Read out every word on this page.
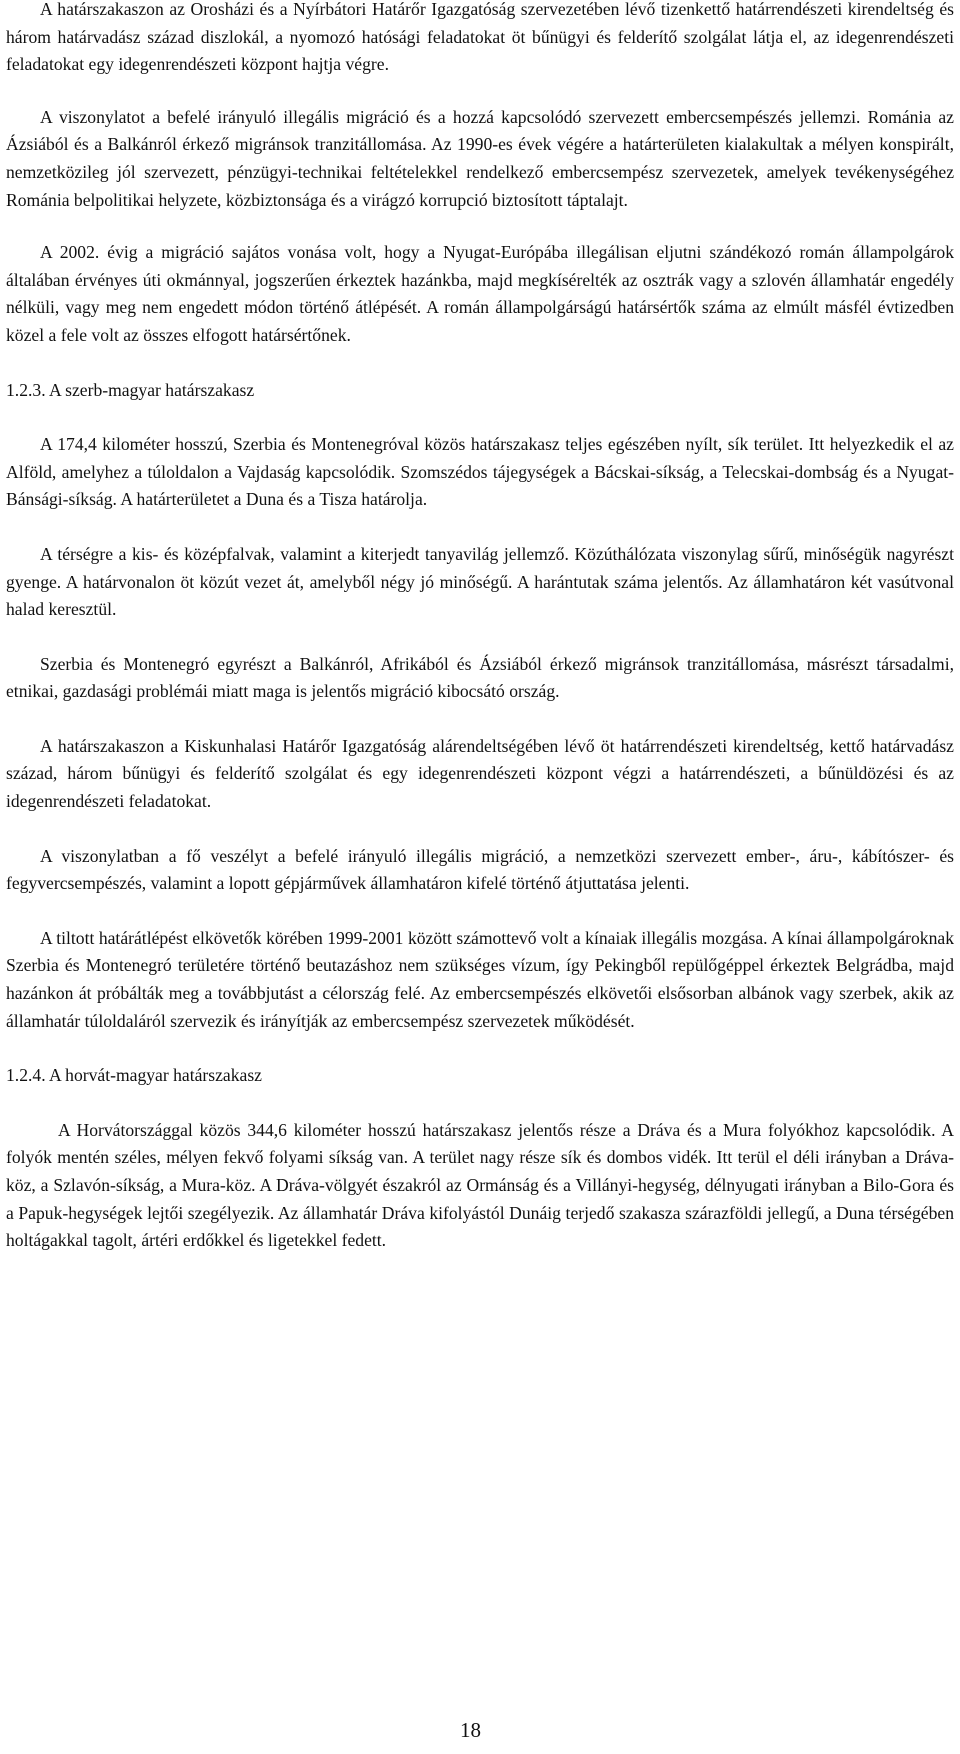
A határszakaszon az Orosházi és a Nyírbátori Határőr Igazgatóság szervezetében lévő tizenkettő határrendészeti kirendeltség és három határvadász század diszlokál, a nyomozó hatósági feladatokat öt bűnügyi és felderítő szolgálat látja el, az idegenrendészeti feladatokat egy idegenrendészeti központ hajtja végre.

A viszonylatot a befelé irányuló illegális migráció és a hozzá kapcsolódó szervezett embercsempészés jellemzi. Románia az Ázsiából és a Balkánról érkező migránsok tranzitállomása. Az 1990-es évek végére a határterületen kialakultak a mélyen konspirált, nemzetközileg jól szervezett, pénzügyi-technikai feltételekkel rendelkező embercsempész szervezetek, amelyek tevékenységéhez Románia belpolitikai helyzete, közbiztonsága és a virágzó korrupció biztosított táptalajt.

A 2002. évig a migráció sajátos vonása volt, hogy a Nyugat-Európába illegálisan eljutni szándékozó román állampolgárok általában érvényes úti okmánnyal, jogszerűen érkeztek hazánkba, majd megkísérelték az osztrák vagy a szlovén államhatár engedély nélküli, vagy meg nem engedett módon történő átlépését. A román állampolgárságú határsértők száma az elmúlt másfél évtizedben közel a fele volt az összes elfogott határsértőnek.

1.2.3. A szerb-magyar határszakasz

A 174,4 kilométer hosszú, Szerbia és Montenegróval közös határszakasz teljes egészében nyílt, sík terület. Itt helyezkedik el az Alföld, amelyhez a túloldalon a Vajdaság kapcsolódik. Szomszédos tájegységek a Bácskai-síkság, a Telecskai-dombság és a Nyugat-Bánsági-síkság. A határterületet a Duna és a Tisza határolja.

A térségre a kis- és középfalvak, valamint a kiterjedt tanyavilág jellemző. Közúthálózata viszonylag sűrű, minőségük nagyrészt gyenge. A határvonalon öt közút vezet át, amelyből négy jó minőségű. A harántutak száma jelentős. Az államhatáron két vasútvonal halad keresztül.

Szerbia és Montenegró egyrészt a Balkánról, Afrikából és Ázsiából érkező migránsok tranzitállomása, másrészt társadalmi, etnikai, gazdasági problémái miatt maga is jelentős migráció kibocsátó ország.

A határszakaszon a Kiskunhalasi Határőr Igazgatóság alárendeltségében lévő öt határrendészeti kirendeltség, kettő határvadász század, három bűnügyi és felderítő szolgálat és egy idegenrendészeti központ végzi a határrendészeti, a bűnüldözési és az idegenrendészeti feladatokat.

A viszonylatban a fő veszélyt a befelé irányuló illegális migráció, a nemzetközi szervezett ember-, áru-, kábítószer- és fegyvercsempészés, valamint a lopott gépjárművek államhatáron kifelé történő átjuttatása jelenti.

A tiltott határátlépést elkövetők körében 1999-2001 között számottevő volt a kínaiak illegális mozgása. A kínai állampolgároknak Szerbia és Montenegró területére történő beutazáshoz nem szükséges vízum, így Pekingből repülőgéppel érkeztek Belgrádba, majd hazánkon át próbálták meg a továbbjutást a célország felé. Az embercsempészés elkövetői elsősorban albánok vagy szerbek, akik az államhatár túloldaláról szervezik és irányítják az embercsempész szervezetek működését.

1.2.4. A horvát-magyar határszakasz

A Horvátországgal közös 344,6 kilométer hosszú határszakasz jelentős része a Dráva és a Mura folyókhoz kapcsolódik. A folyók mentén széles, mélyen fekvő folyami síkság van. A terület nagy része sík és dombos vidék. Itt terül el déli irányban a Dráva-köz, a Szlavón-síkság, a Mura-köz. A Dráva-völgyét északról az Ormánság és a Villányi-hegység, délnyugati irányban a Bilo-Gora és a Papuk-hegységek lejtői szegélyezik. Az államhatár Dráva kifolyástól Dunáig terjedő szakasza szárazföldi jellegű, a Duna térségében holtágakkal tagolt, ártéri erdőkkel és ligetekkel fedett.

18
